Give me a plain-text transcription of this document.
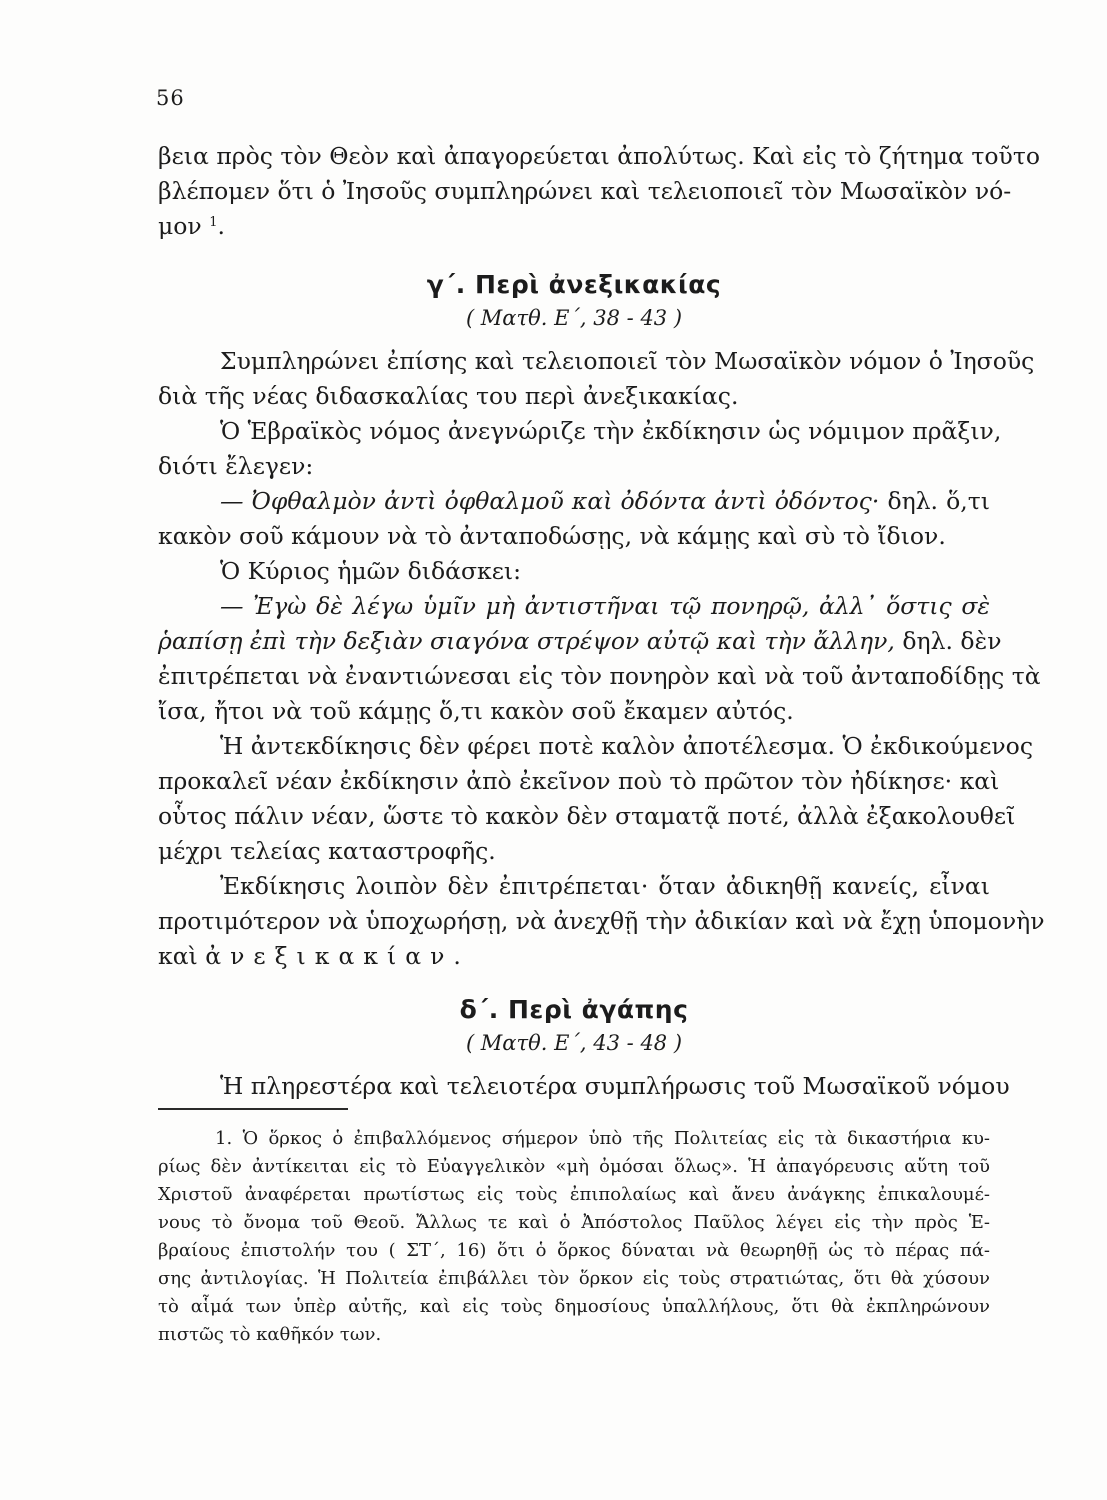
56
βεια πρὸς τὸν Θεὸν καὶ ἀπαγορεύεται ἀπολύτως. Καὶ εἰς τὸ ζήτημα τοῦτο
βλέπομεν ὅτι ὁ Ἰησοῦς συμπληρώνει καὶ τελειοποιεῖ τὸν Μωσαϊκὸν νό-
μον $^1$.
γ΄. Περὶ ἀνεξικακίας
( Ματθ. Ε΄, 38 - 43 )
Συμπληρώνει ἐπίσης καὶ τελειοποιεῖ τὸν Μωσαϊκὸν νόμον ὁ Ἰησοῦς
διὰ τῆς νέας διδασκαλίας του περὶ ἀνεξικακίας.
Ὁ Ἑβραϊκὸς νόμος ἀνεγνώριζε τὴν ἐκδίκησιν ὡς νόμιμον πρᾶξιν,
διότι ἔλεγεν:
— Ὀφθαλμὸν ἀντὶ ὀφθαλμοῦ καὶ ὀδόντα ἀντὶ ὀδόντος· δηλ. ὅ,τι
κακὸν σοῦ κάμουν νὰ τὸ ἀνταποδώσῃς, νὰ κάμῃς καὶ σὺ τὸ ἴδιον.
Ὁ Κύριος ἡμῶν διδάσκει:
— Ἐγὼ δὲ λέγω ὑμῖν μὴ ἀντιστῆναι τῷ πονηρῷ, ἀλλ᾽ ὅστις σὲ
ῥαπίσῃ ἐπὶ τὴν δεξιὰν σιαγόνα στρέψον αὐτῷ καὶ τὴν ἄλλην, δηλ. δὲν
ἐπιτρέπεται νὰ ἐναντιώνεσαι εἰς τὸν πονηρὸν καὶ νὰ τοῦ ἀνταποδίδῃς τὰ
ἴσα, ἤτοι νὰ τοῦ κάμῃς ὅ,τι κακὸν σοῦ ἔκαμεν αὐτός.
Ἡ ἀντεκδίκησις δὲν φέρει ποτὲ καλὸν ἀποτέλεσμα. Ὁ ἐκδικούμενος
προκαλεῖ νέαν ἐκδίκησιν ἀπὸ ἐκεῖνον ποὺ τὸ πρῶτον τὸν ἠδίκησε· καὶ
οὗτος πάλιν νέαν, ὥστε τὸ κακὸν δὲν σταματᾷ ποτέ, ἀλλὰ ἐξακολουθεῖ
μέχρι τελείας καταστροφῆς.
Ἐκδίκησις λοιπὸν δὲν ἐπιτρέπεται· ὅταν ἀδικηθῇ κανείς, εἶναι
προτιμότερον νὰ ὑποχωρήσῃ, νὰ ἀνεχθῇ τὴν ἀδικίαν καὶ νὰ ἔχῃ ὑπομονὴν
καὶ ἀνεξικακίαν.
δ΄. Περὶ ἀγάπης
( Ματθ. Ε΄, 43 - 48 )
Ἡ πληρεστέρα καὶ τελειοτέρα συμπλήρωσις τοῦ Μωσαϊκοῦ νόμου
1. Ὁ ὅρκος ὁ ἐπιβαλλόμενος σήμερον ὑπὸ τῆς Πολιτείας εἰς τὰ δικαστήρια κυ-
ρίως δὲν ἀντίκειται εἰς τὸ Εὐαγγελικὸν «μὴ ὀμόσαι ὅλως». Ἡ ἀπαγόρευσις αὕτη τοῦ
Χριστοῦ ἀναφέρεται πρωτίστως εἰς τοὺς ἐπιπολαίως καὶ ἄνευ ἀνάγκης ἐπικαλουμέ-
νους τὸ ὄνομα τοῦ Θεοῦ. Ἄλλως τε καὶ ὁ Ἀπόστολος Παῦλος λέγει εἰς τὴν πρὸς Ἑ-
βραίους ἐπιστολήν του ( ΣΤ΄, 16) ὅτι ὁ ὅρκος δύναται νὰ θεωρηθῇ ὡς τὸ πέρας πά-
σης ἀντιλογίας. Ἡ Πολιτεία ἐπιβάλλει τὸν ὅρκον εἰς τοὺς στρατιώτας, ὅτι θὰ χύσουν
τὸ αἷμά των ὑπὲρ αὐτῆς, καὶ εἰς τοὺς δημοσίους ὑπαλλήλους, ὅτι θὰ ἐκπληρώνουν
πιστῶς τὸ καθῆκόν των.
